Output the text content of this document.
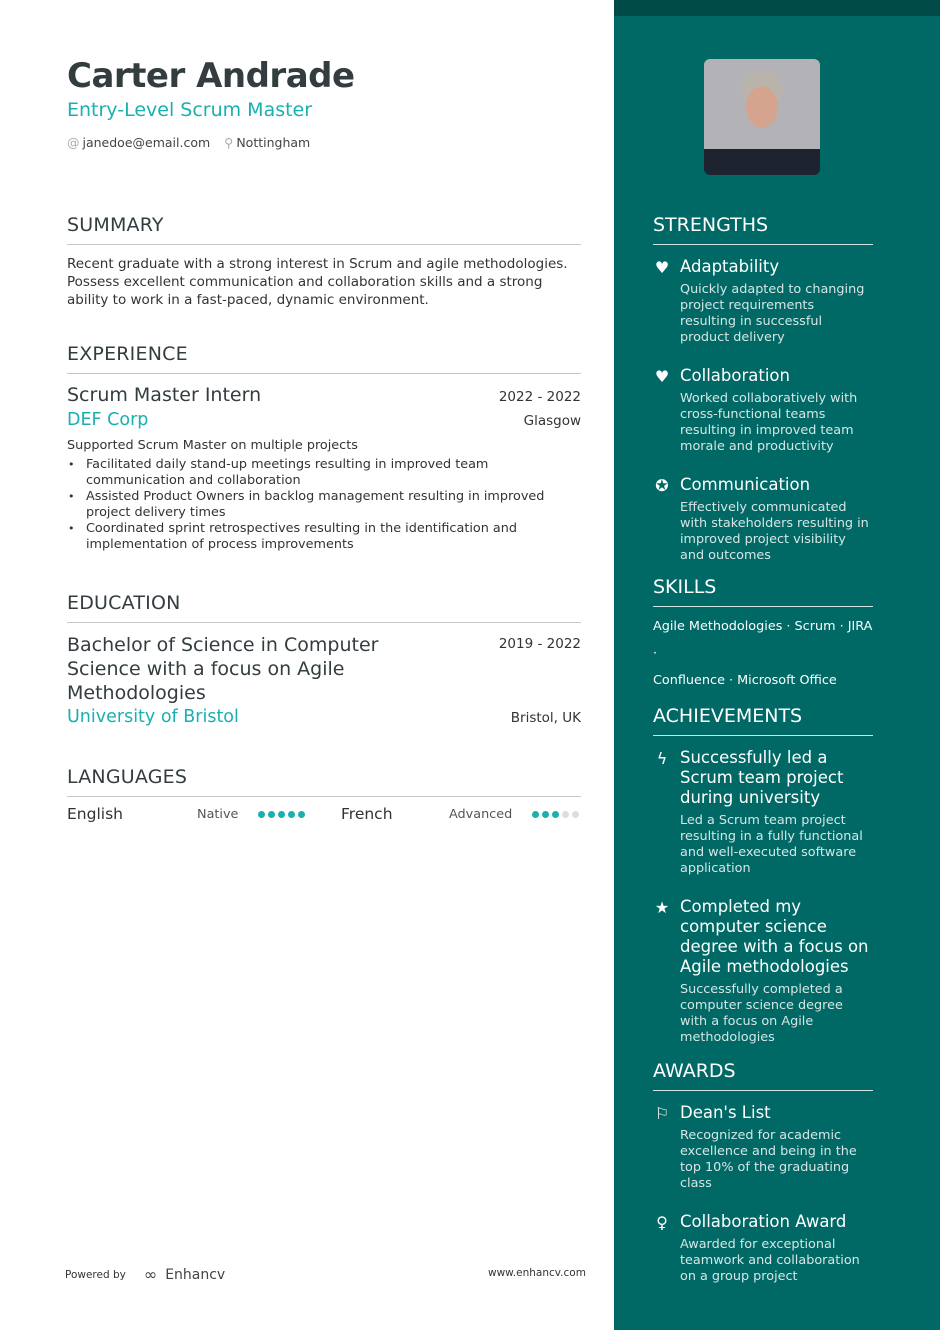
Carter Andrade
Entry-Level Scrum Master
@ janedoe@email.com ⚲ Nottingham
SUMMARY
Recent graduate with a strong interest in Scrum and agile methodologies. Possess excellent communication and collaboration skills and a strong ability to work in a fast-paced, dynamic environment.
EXPERIENCE
Scrum Master Intern	2022 - 2022
DEF Corp	Glasgow
Supported Scrum Master on multiple projects
• Facilitated daily stand-up meetings resulting in improved team communication and collaboration
• Assisted Product Owners in backlog management resulting in improved project delivery times
• Coordinated sprint retrospectives resulting in the identification and implementation of process improvements
EDUCATION
Bachelor of Science in Computer Science with a focus on Agile Methodologies
2019 - 2022
University of Bristol	Bristol, UK
LANGUAGES
English	Native	French	Advanced
Powered by ∞ Enhancv	www.enhancv.com
STRENGTHS
♥ Adaptability
Quickly adapted to changing project requirements resulting in successful product delivery
♥ Collaboration
Worked collaboratively with cross-functional teams resulting in improved team morale and productivity
✪ Communication
Effectively communicated with stakeholders resulting in improved project visibility and outcomes
SKILLS
Agile Methodologies · Scrum · JIRA ·
Confluence · Microsoft Office
ACHIEVEMENTS
ϟ Successfully led a Scrum team project during university
Led a Scrum team project resulting in a fully functional and well-executed software application
★ Completed my computer science degree with a focus on Agile methodologies
Successfully completed a computer science degree with a focus on Agile methodologies
AWARDS
⚐ Dean's List
Recognized for academic excellence and being in the top 10% of the graduating class
♀ Collaboration Award
Awarded for exceptional teamwork and collaboration on a group project
